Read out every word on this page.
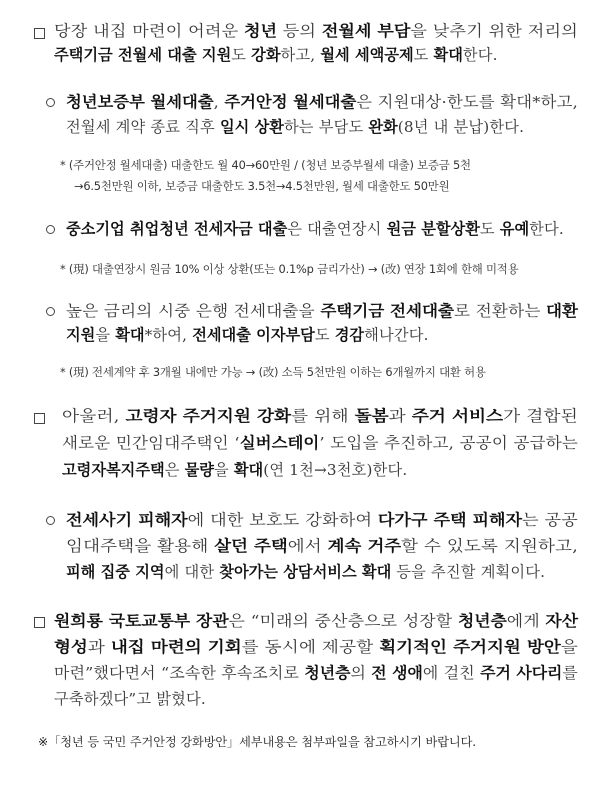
당장 내집 마련이 어려운 청년 등의 전월세 부담을 낮추기 위한 저리의
주택기금 전월세 대출 지원도 강화하고, 월세 세액공제도 확대한다.
청년보증부 월세대출, 주거안정 월세대출은 지원대상·한도를 확대*하고,
전월세 계약 종료 직후 일시 상환하는 부담도 완화(8년 내 분납)한다.
* (주거안정 월세대출) 대출한도 월 40→60만원 / (청년 보증부월세 대출) 보증금 5천
→6.5천만원 이하, 보증금 대출한도 3.5천→4.5천만원, 월세 대출한도 50만원
중소기업 취업청년 전세자금 대출은 대출연장시 원금 분할상환도 유예한다.
* (現) 대출연장시 원금 10% 이상 상환(또는 0.1%p 금리가산) → (改) 연장 1회에 한해 미적용
높은 금리의 시중 은행 전세대출을 주택기금 전세대출로 전환하는 대환
지원을 확대*하여, 전세대출 이자부담도 경감해나간다.
* (現) 전세계약 후 3개월 내에만 가능 → (改) 소득 5천만원 이하는 6개월까지 대환 허용
아울러, 고령자 주거지원 강화를 위해 돌봄과 주거 서비스가 결합된
새로운 민간임대주택인 ‘실버스테이’ 도입을 추진하고, 공공이 공급하는
고령자복지주택은 물량을 확대(연 1천→3천호)한다.
전세사기 피해자에 대한 보호도 강화하여 다가구 주택 피해자는 공공
임대주택을 활용해 살던 주택에서 계속 거주할 수 있도록 지원하고,
피해 집중 지역에 대한 찾아가는 상담서비스 확대 등을 추진할 계획이다.
원희룡 국토교통부 장관은 “미래의 중산층으로 성장할 청년층에게 자산
형성과 내집 마련의 기회를 동시에 제공할 획기적인 주거지원 방안을
마련”했다면서 “조속한 후속조치로 청년층의 전 생애에 걸친 주거 사다리를
구축하겠다”고 밝혔다.
※「청년 등 국민 주거안정 강화방안」세부내용은 첨부파일을 참고하시기 바랍니다.
